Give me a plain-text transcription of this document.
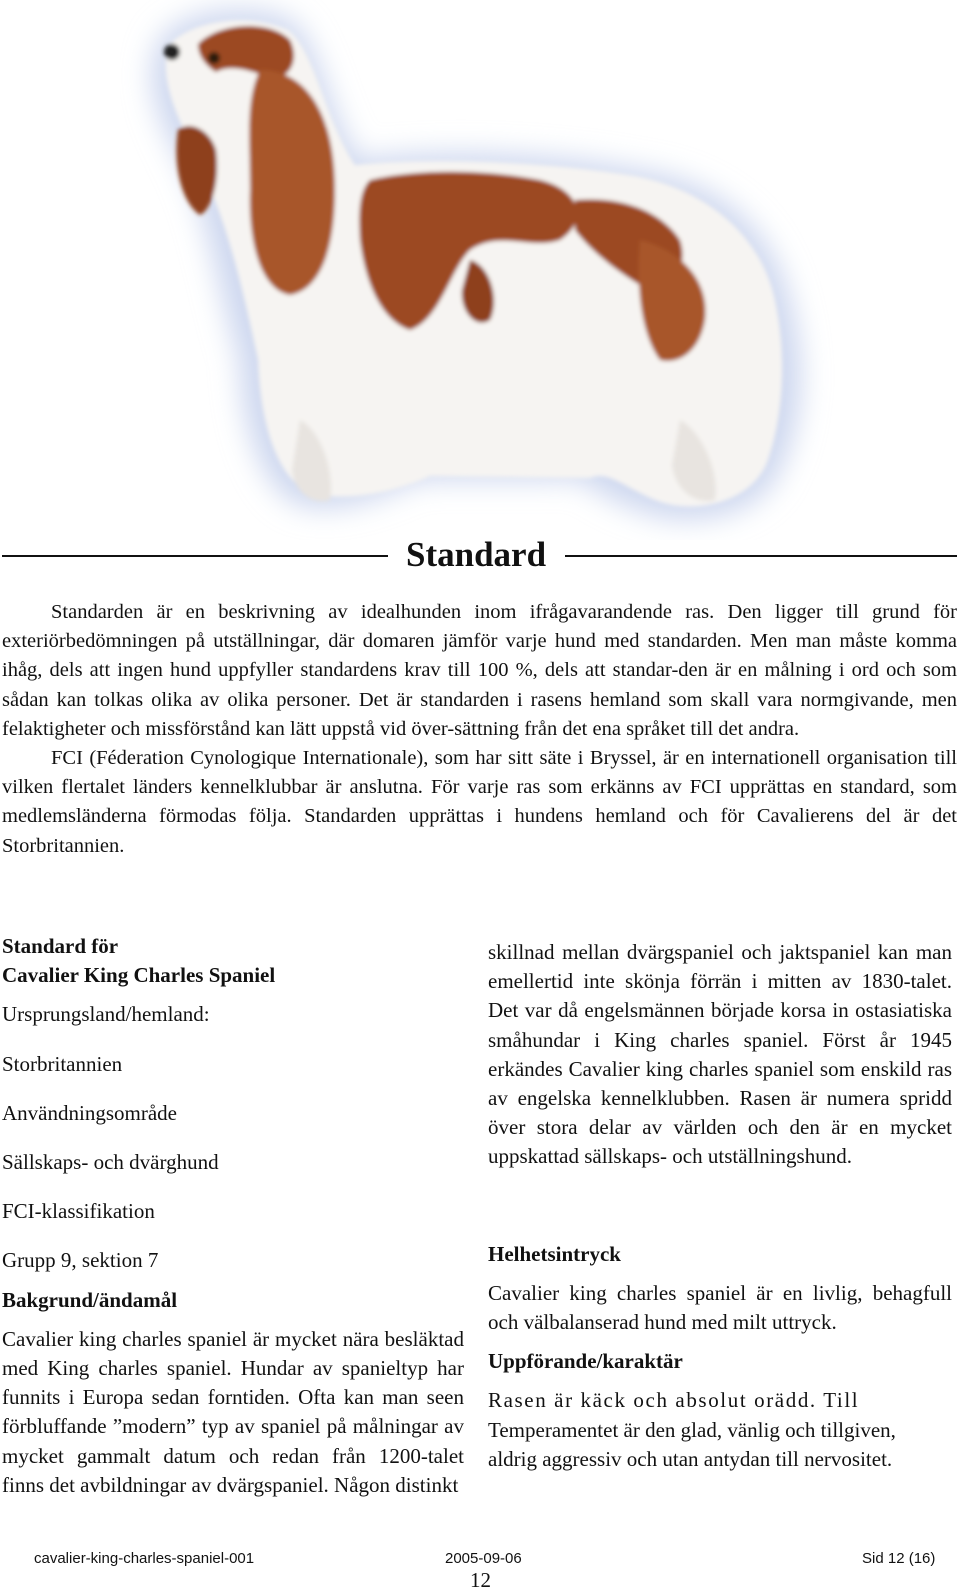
Standard

Standarden är en beskrivning av idealhunden inom ifrågavarandende ras. Den ligger till grund för exteriörbedömningen på utställningar, där domaren jämför varje hund med standarden. Men man måste komma ihåg, dels att ingen hund uppfyller standardens krav till 100 %, dels att standar-den är en målning i ord och som sådan kan tolkas olika av olika personer. Det är standarden i rasens hemland som skall vara normgivande, men felaktigheter och missförstånd kan lätt uppstå vid över-sättning från det ena språket till det andra.

FCI (Féderation Cynologique Internationale), som har sitt säte i Bryssel, är en internationell organisation till vilken flertalet länders kennelklubbar är anslutna. För varje ras som erkänns av FCI upprättas en standard, som medlemsländerna förmodas följa. Standarden upprättas i hundens hemland och för Cavalierens del är det Storbritannien.

Standard för
Cavalier King Charles Spaniel
Ursprungsland/hemland:
Storbritannien
Användningsområde
Sällskaps- och dvärghund
FCI-klassifikation
Grupp 9, sektion 7
Bakgrund/ändamål

Cavalier king charles spaniel är mycket nära besläktad med King charles spaniel. Hundar av spanieltyp har funnits i Europa sedan forntiden. Ofta kan man seen förbluffande ”modern” typ av spaniel på målningar av mycket gammalt datum och redan från 1200-talet finns det avbildningar av dvärgspaniel. Någon distinkt

skillnad mellan dvärgspaniel och jaktspaniel kan man emellertid inte skönja förrän i mitten av 1830-talet. Det var då engelsmännen började korsa in ostasiatiska småhundar i King charles spaniel. Först år 1945 erkändes Cavalier king charles spaniel som enskild ras av engelska kennelklubben. Rasen är numera spridd över stora delar av världen och den är en mycket uppskattad sällskaps- och utställningshund.

Helhetsintryck

Cavalier king charles spaniel är en livlig, behagfull och välbalanserad hund med milt uttryck.

Uppförande/karaktär
Rasen är käck och absolut orädd. Till
Temperamentet är den glad, vänlig och tillgiven,
aldrig aggressiv och utan antydan till nervositet.
cavalier-king-charles-spaniel-001	2005-09-06	Sid 12 (16)
12
